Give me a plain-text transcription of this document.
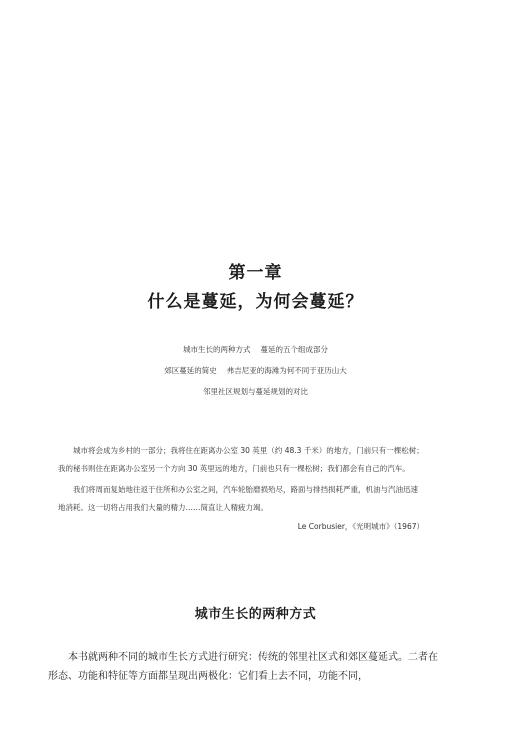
第一章
什么是蔓延，为何会蔓延？
城市生长的两种方式 蔓延的五个组成部分
郊区蔓延的简史 弗吉尼亚的海滩为何不同于亚历山大
邻里社区规划与蔓延规划的对比

城市将会成为乡村的一部分；我将住在距离办公室 30 英里（约 48.3 千米）的地方，门前只有一棵松树；我的秘书则住在距离办公室另一个方向 30 英里远的地方，门前也只有一棵松树；我们都会有自己的汽车。

我们将周而复始地往返于住所和办公室之间，汽车轮胎磨损殆尽，路面与排挡损耗严重，机油与汽油迅速地消耗。这一切将占用我们大量的精力……简直让人精疲力竭。

Le Corbusier，《光明城市》（1967）
城市生长的两种方式

本书就两种不同的城市生长方式进行研究：传统的邻里社区式和郊区蔓延式。二者在形态、功能和特征等方面都呈现出两极化：它们看上去不同，功能不同，
